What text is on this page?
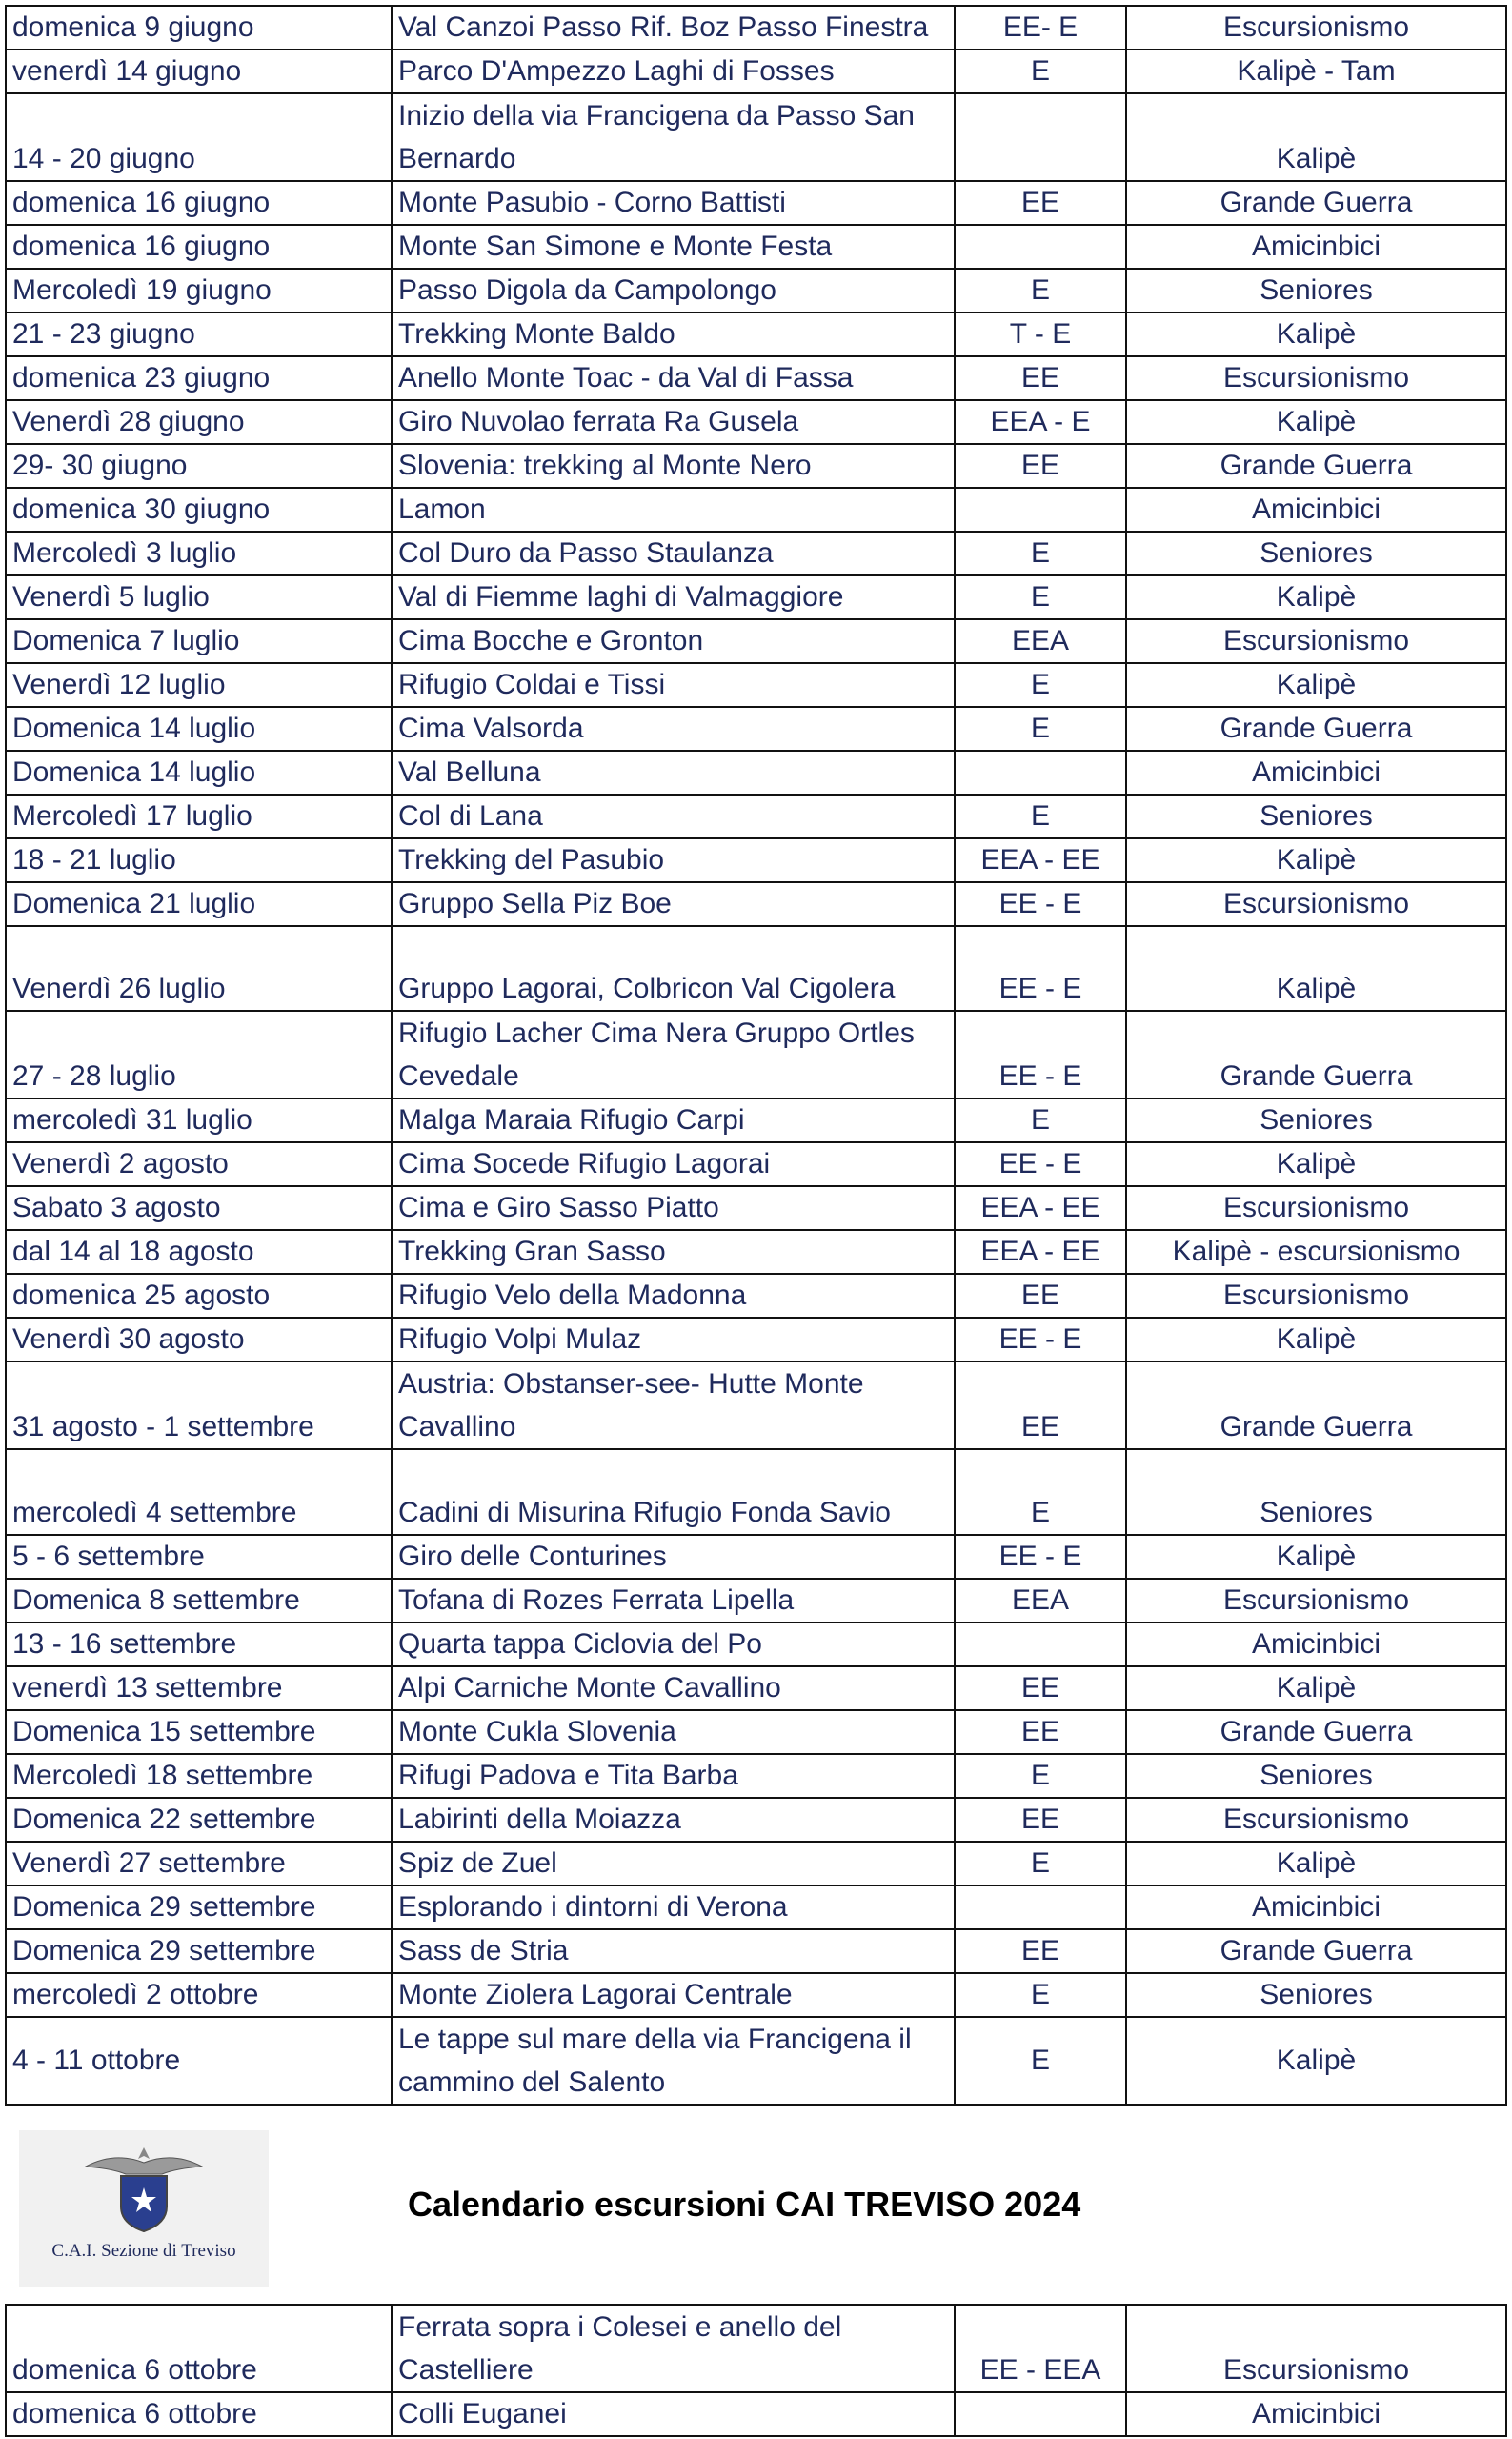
domenica 9 giugno	Val Canzoi Passo Rif. Boz Passo Finestra	EE- E	Escursionismo
venerdì 14 giugno	Parco D'Ampezzo Laghi di Fosses	E	Kalipè - Tam
14 - 20 giugno	Inizio della via Francigena da Passo San Bernardo		Kalipè
domenica 16 giugno	Monte Pasubio - Corno Battisti	EE	Grande Guerra
domenica 16 giugno	Monte San Simone e Monte Festa		Amicinbici
Mercoledì 19 giugno	Passo Digola da Campolongo	E	Seniores
21 - 23 giugno	Trekking Monte Baldo	T - E	Kalipè
domenica 23 giugno	Anello Monte Toac - da Val di Fassa	EE	Escursionismo
Venerdì 28 giugno	Giro Nuvolao ferrata Ra Gusela	EEA - E	Kalipè
29- 30 giugno	Slovenia: trekking al Monte Nero	EE	Grande Guerra
domenica 30 giugno	Lamon		Amicinbici
Mercoledì 3 luglio	Col Duro da Passo Staulanza	E	Seniores
Venerdì 5 luglio	Val di Fiemme laghi di Valmaggiore	E	Kalipè
Domenica 7 luglio	Cima Bocche e Gronton	EEA	Escursionismo
Venerdì 12 luglio	Rifugio Coldai e Tissi	E	Kalipè
Domenica 14 luglio	Cima Valsorda	E	Grande Guerra
Domenica 14 luglio	Val Belluna		Amicinbici
Mercoledì 17 luglio	Col di Lana	E	Seniores
18 - 21 luglio	Trekking del Pasubio	EEA - EE	Kalipè
Domenica 21 luglio	Gruppo Sella Piz Boe	EE - E	Escursionismo
Venerdì 26 luglio	Gruppo Lagorai, Colbricon Val Cigolera	EE - E	Kalipè
27 - 28 luglio	Rifugio Lacher Cima Nera Gruppo Ortles Cevedale	EE - E	Grande Guerra
mercoledì 31 luglio	Malga Maraia Rifugio Carpi	E	Seniores
Venerdì 2 agosto	Cima Socede Rifugio Lagorai	EE - E	Kalipè
Sabato 3 agosto	Cima e Giro Sasso Piatto	EEA - EE	Escursionismo
dal 14 al 18 agosto	Trekking Gran Sasso	EEA - EE	Kalipè - escursionismo
domenica 25 agosto	Rifugio Velo della Madonna	EE	Escursionismo
Venerdì 30 agosto	Rifugio Volpi Mulaz	EE - E	Kalipè
31 agosto - 1 settembre	Austria: Obstanser-see- Hutte Monte Cavallino	EE	Grande Guerra
mercoledì 4 settembre	Cadini di Misurina Rifugio Fonda Savio	E	Seniores
5 - 6 settembre	Giro delle Conturines	EE - E	Kalipè
Domenica 8 settembre	Tofana di Rozes Ferrata Lipella	EEA	Escursionismo
13 - 16 settembre	Quarta tappa Ciclovia del Po		Amicinbici
venerdì 13 settembre	Alpi Carniche Monte Cavallino	EE	Kalipè
Domenica 15 settembre	Monte Cukla Slovenia	EE	Grande Guerra
Mercoledì 18 settembre	Rifugi Padova e Tita Barba	E	Seniores
Domenica 22 settembre	Labirinti della Moiazza	EE	Escursionismo
Venerdì 27 settembre	Spiz de Zuel	E	Kalipè
Domenica 29 settembre	Esplorando i dintorni di Verona		Amicinbici
Domenica 29 settembre	Sass de Stria	EE	Grande Guerra
mercoledì 2 ottobre	Monte Ziolera Lagorai Centrale	E	Seniores
4 - 11 ottobre	Le tappe sul mare della via Francigena il cammino del Salento	E	Kalipè
C.A.I. Sezione di Treviso
Calendario escursioni CAI TREVISO 2024
domenica 6 ottobre	Ferrata sopra i Colesei e anello del Castelliere	EE - EEA	Escursionismo
domenica 6 ottobre	Colli Euganei		Amicinbici
